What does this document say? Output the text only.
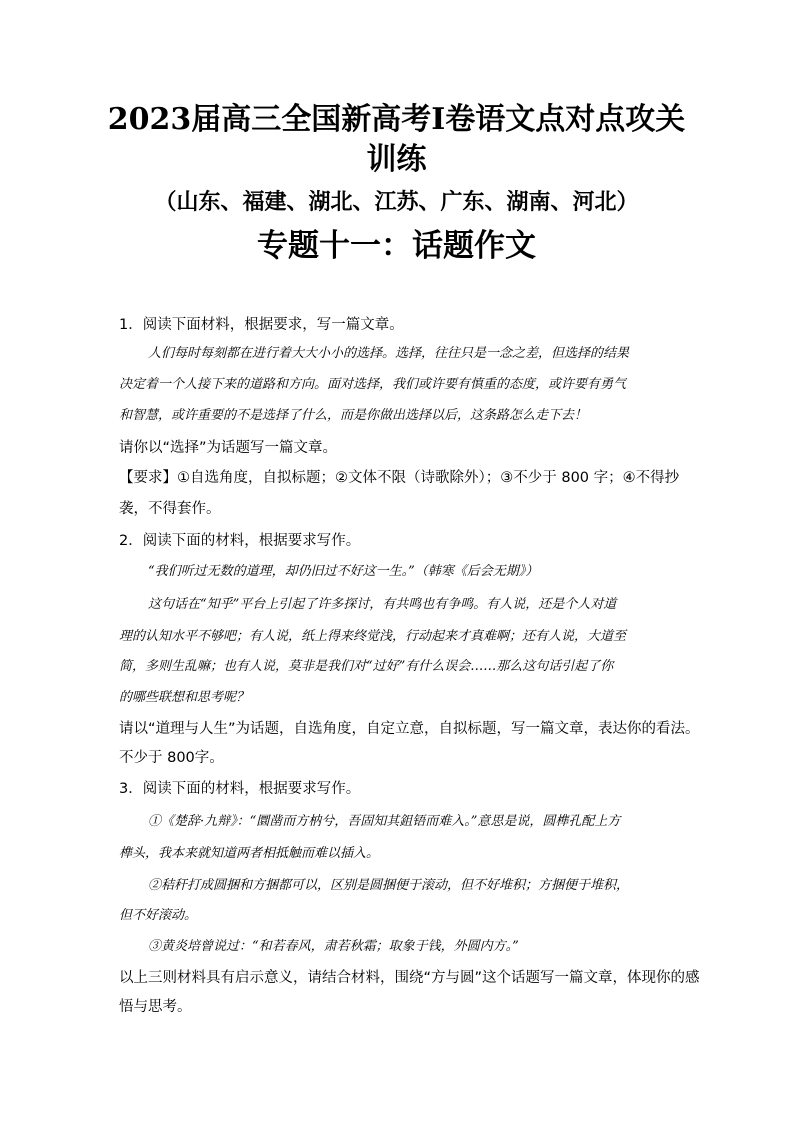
2023届高三全国新高考Ⅰ卷语文点对点攻关
训练
（山东、福建、湖北、江苏、广东、湖南、河北）
专题十一：话题作文
1．阅读下面材料，根据要求，写一篇文章。
人们每时每刻都在进行着大大小小的选择。选择，往往只是一念之差，但选择的结果
决定着一个人接下来的道路和方向。面对选择，我们或许要有慎重的态度，或许要有勇气
和智慧，或许重要的不是选择了什么，而是你做出选择以后，这条路怎么走下去！
请你以“选择”为话题写一篇文章。
【要求】①自选角度，自拟标题；②文体不限（诗歌除外）；③不少于 800 字；④不得抄
袭，不得套作。
2．阅读下面的材料，根据要求写作。
“我们听过无数的道理，却仍旧过不好这一生。”（韩寒《后会无期》）
这句话在“知乎”平台上引起了许多探讨，有共鸣也有争鸣。有人说，还是个人对道
理的认知水平不够吧；有人说，纸上得来终觉浅，行动起来才真难啊；还有人说，大道至
简，多则生乱嘛；也有人说，莫非是我们对“过好”有什么误会……那么这句话引起了你
的哪些联想和思考呢？
请以“道理与人生”为话题，自选角度，自定立意，自拟标题，写一篇文章，表达你的看法。
不少于 800字。
3．阅读下面的材料，根据要求写作。
①《楚辞·九辩》：“圜凿而方枘兮，吾固知其鉏铻而难入。”意思是说，圆榫孔配上方
榫头，我本来就知道两者相抵触而难以插入。
②秸秆打成圆捆和方捆都可以，区别是圆捆便于滚动，但不好堆积；方捆便于堆积，
但不好滚动。
③黄炎培曾说过：“和若春风，肃若秋霜；取象于钱，外圆内方。”
以上三则材料具有启示意义，请结合材料，围绕“方与圆”这个话题写一篇文章，体现你的感
悟与思考。
